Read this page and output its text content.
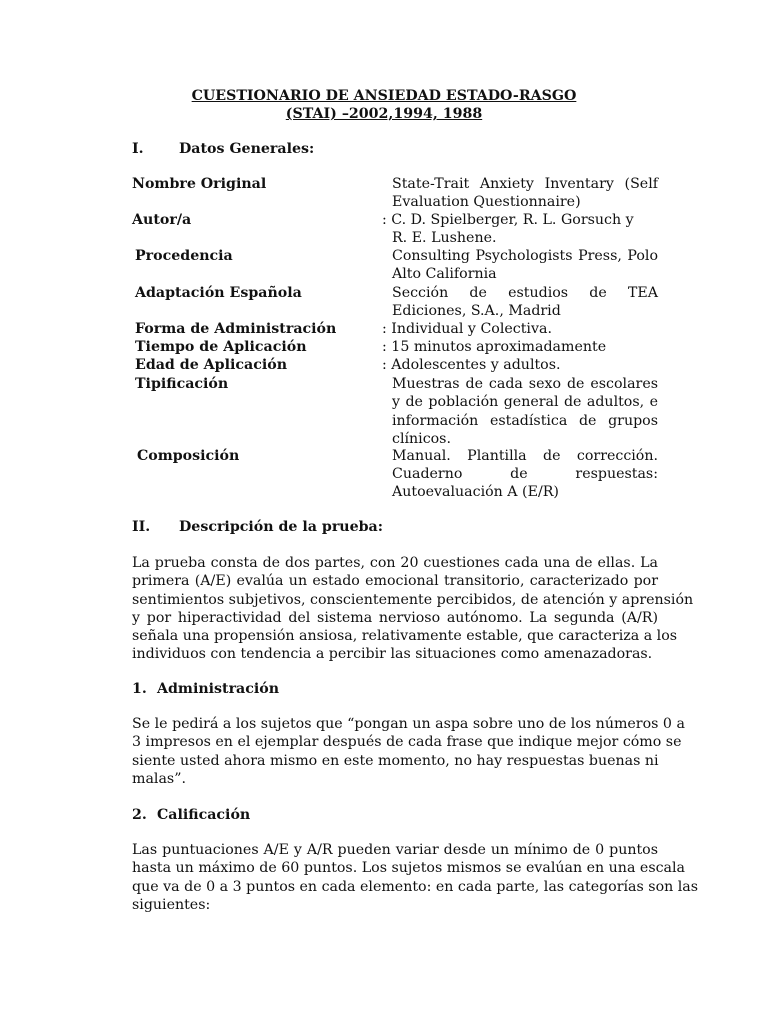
CUESTIONARIO DE ANSIEDAD ESTADO-RASGO
(STAI) –2002,1994, 1988
I. Datos Generales:
Nombre Original	State-Trait Anxiety Inventary (Self Evaluation Questionnaire)
Autor/a	: C. D. Spielberger, R. L. Gorsuch y
R. E. Lushene.
Procedencia	Consulting Psychologists Press, Polo Alto California
Adaptación Española	Sección de estudios de TEA Ediciones, S.A., Madrid
Forma de Administración	: Individual y Colectiva.
Tiempo de Aplicación	: 15 minutos aproximadamente
Edad de Aplicación	: Adolescentes y adultos.
Tipificación	Muestras de cada sexo de escolares y de población general de adultos, e información estadística de grupos clínicos.
Composición	Manual. Plantilla de corrección.
Cuaderno de respuestas:
Autoevaluación A (E/R)
II. Descripción de la prueba:
La prueba consta de dos partes, con 20 cuestiones cada una de ellas. La
primera (A/E) evalúa un estado emocional transitorio, caracterizado por
sentimientos subjetivos, conscientemente percibidos, de atención y aprensión
y por hiperactividad del sistema nervioso autónomo. La segunda (A/R)
señala una propensión ansiosa, relativamente estable, que caracteriza a los
individuos con tendencia a percibir las situaciones como amenazadoras.
1. Administración
Se le pedirá a los sujetos que “pongan un aspa sobre uno de los números 0 a
3 impresos en el ejemplar después de cada frase que indique mejor cómo se
siente usted ahora mismo en este momento, no hay respuestas buenas ni
malas”.
2. Calificación
Las puntuaciones A/E y A/R pueden variar desde un mínimo de 0 puntos
hasta un máximo de 60 puntos. Los sujetos mismos se evalúan en una escala
que va de 0 a 3 puntos en cada elemento: en cada parte, las categorías son las
siguientes:
